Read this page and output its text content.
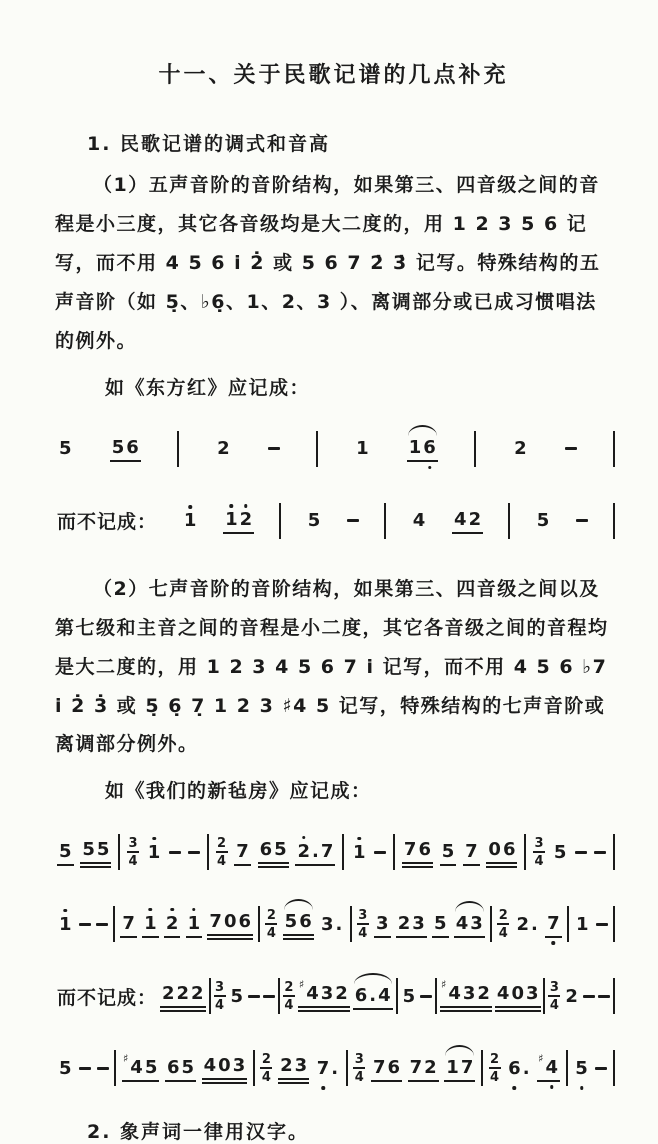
十一、关于民歌记谱的几点补充
1. 民歌记谱的调式和音高
（1）五声音阶的音阶结构，如果第三、四音级之间的音程是小三度，其它各音级均是大二度的，用 1 2 3 5 6 记写，而不用 4 5 6 i 2̇ 或 5 6 7 2̇ 3̇ 记写。特殊结构的五声音阶（如 5̣、♭6̣、1、2、3 ）、离调部分或已成习惯唱法的例外。
如《东方红》应记成：
5 5 6	2	1 1 6	2
而不记成： 1 1 2	5	4 4 2	5
（2）七声音阶的音阶结构，如果第三、四音级之间以及第七级和主音之间的音程是小二度，其它各音级之间的音程均是大二度的，用 1 2 3 4 5 6 7 i 记写，而不用 4 5 6 ♭7 i 2̇ 3̇ 或 5̣ 6̣ 7̣ 1 2 3 ♯4 5 记写，特殊结构的七声音阶或离调部分例外。
如《我们的新毡房》应记成：
5 5 5 3
4 1	2
4 7 6 5 2 . 7 1 7 6 5 7 0 6 3
4 5
1	7 1 2 1 7 0 6 2
4
5 6 3 . 3
4 3 2 3 5 4 3 2
4 2 . 7 1
而不记成： 2 2 2 3
4 5	2
4
♯ 4 3 2 6 . 4 5
♯ 4 3 2 4 0 3 3
4 2
5	♯ 4 5 6 5 4 0 3 2
4
2 3 7 . 3
4 7 6 7 2 1 7 2
4 6 . ♯ 4 5
2. 象声词一律用汉字。
